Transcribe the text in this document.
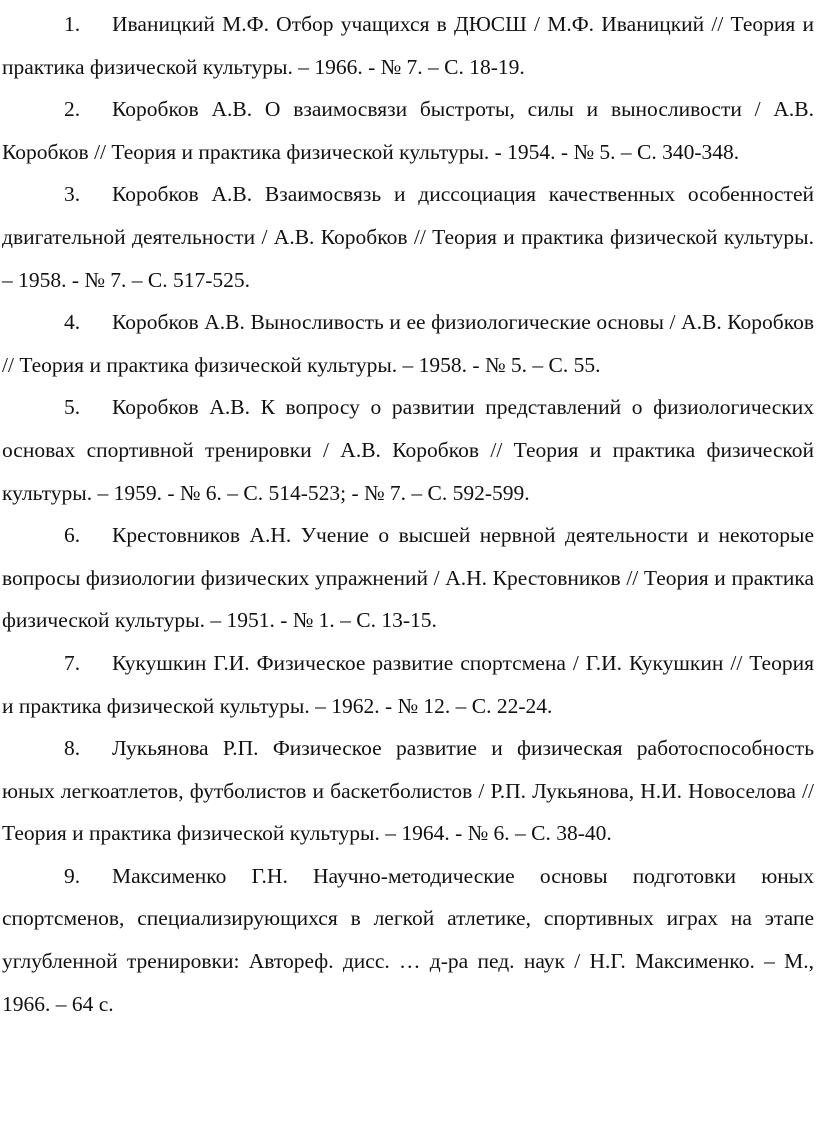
1. Иваницкий М.Ф. Отбор учащихся в ДЮСШ / М.Ф. Иваницкий // Теория и практика физической культуры. – 1966. - № 7. – С. 18-19.

2. Коробков А.В. О взаимосвязи быстроты, силы и выносливости / А.В. Коробков // Теория и практика физической культуры. - 1954. - № 5. – С. 340-348.

3. Коробков А.В. Взаимосвязь и диссоциация качественных особенностей двигательной деятельности / А.В. Коробков // Теория и практика физической культуры. – 1958. - № 7. – С. 517-525.

4. Коробков А.В. Выносливость и ее физиологические основы / А.В. Коробков // Теория и практика физической культуры. – 1958. - № 5. – С. 55.

5. Коробков А.В. К вопросу о развитии представлений о физиологических основах спортивной тренировки / А.В. Коробков // Теория и практика физической культуры. – 1959. - № 6. – С. 514-523; - № 7. – С. 592-599.

6. Крестовников А.Н. Учение о высшей нервной деятельности и некоторые вопросы физиологии физических упражнений / А.Н. Крестовников // Теория и практика физической культуры. – 1951. - № 1. – С. 13-15.

7. Кукушкин Г.И. Физическое развитие спортсмена / Г.И. Кукушкин // Теория и практика физической культуры. – 1962. - № 12. – С. 22-24.

8. Лукьянова Р.П. Физическое развитие и физическая работоспособность юных легкоатлетов, футболистов и баскетболистов / Р.П. Лукьянова, Н.И. Новоселова // Теория и практика физической культуры. – 1964. - № 6. – С. 38-40.

9. Максименко Г.Н. Научно-методические основы подготовки юных спортсменов, специализирующихся в легкой атлетике, спортивных играх на этапе углубленной тренировки: Автореф. дисс. … д-ра пед. наук / Н.Г. Максименко. – М., 1966. – 64 с.
